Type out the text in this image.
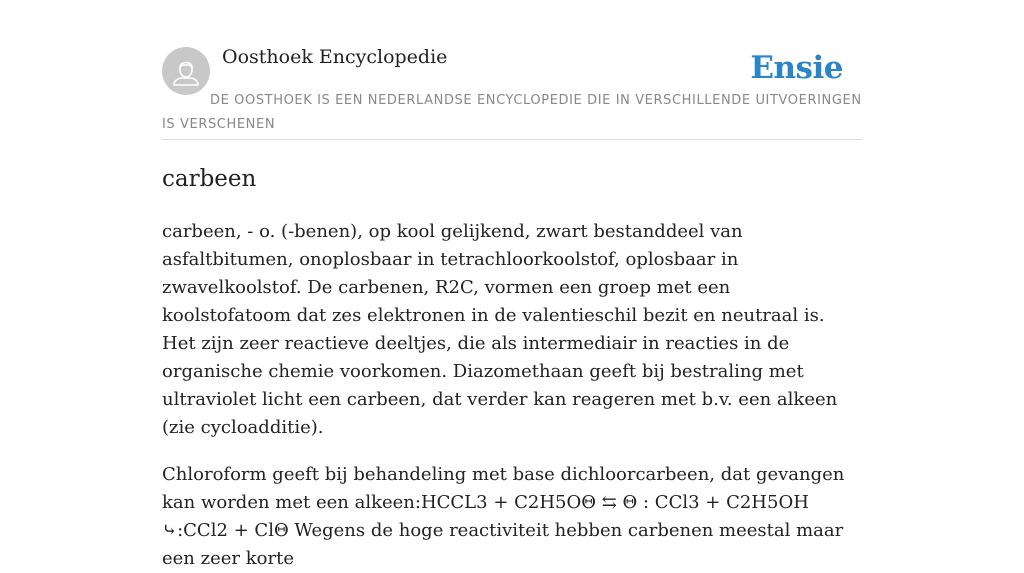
Oosthoek Encyclopedie	Ensie
DE OOSTHOEK IS EEN NEDERLANDSE ENCYCLOPEDIE DIE IN VERSCHILLENDE UITVOERINGEN IS VERSCHENEN
carbeen

carbeen, - o. (-benen), op kool gelijkend, zwart bestanddeel van asfaltbitumen, onoplosbaar in tetrachloorkoolstof, oplosbaar in zwavelkoolstof. De carbenen, R2C, vormen een groep met een koolstofatoom dat zes elektronen in de valentieschil bezit en neutraal is. Het zijn zeer reactieve deeltjes, die als intermediair in reacties in de organische chemie voorkomen. Diazomethaan geeft bij bestraling met ultraviolet licht een carbeen, dat verder kan reageren met b.v. een alkeen (zie cycloadditie).

Chloroform geeft bij behandeling met base dichloorcarbeen, dat gevangen kan worden met een alkeen:HCCL3 + C2H5OΘ ⇆ Θ : CCl3 + C2H5OH ⤷:CCl2 + ClΘ Wegens de hoge reactiviteit hebben carbenen meestal maar een zeer korte
